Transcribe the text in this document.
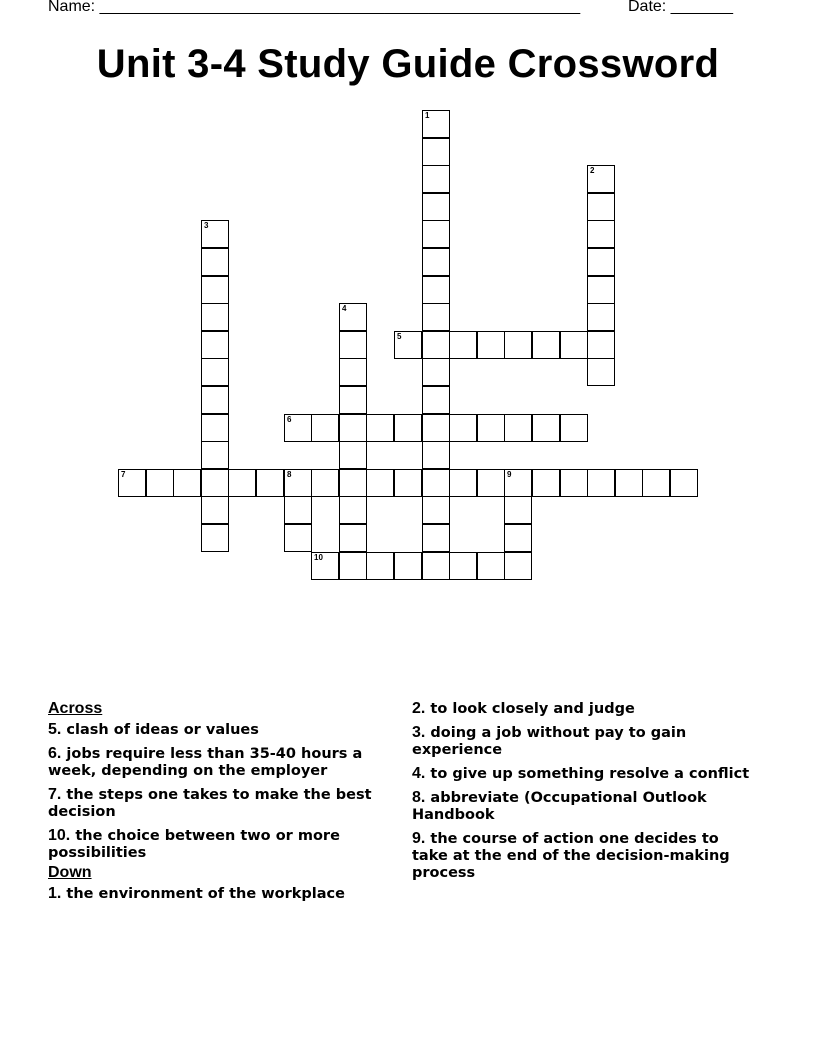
Name: ______________________________________________________	Date: _______
Unit 3-4 Study Guide Crossword
1
2
3
4
5
6
7	8	9
10
Across
5. clash of ideas or values
6. jobs require less than 35-40 hours a week, depending on the employer
7. the steps one takes to make the best decision
10. the choice between two or more possibilities
Down
1. the environment of the workplace
2. to look closely and judge
3. doing a job without pay to gain experience
4. to give up something resolve a conflict
8. abbreviate (Occupational Outlook Handbook
9. the course of action one decides to take at the end of the decision-making process
